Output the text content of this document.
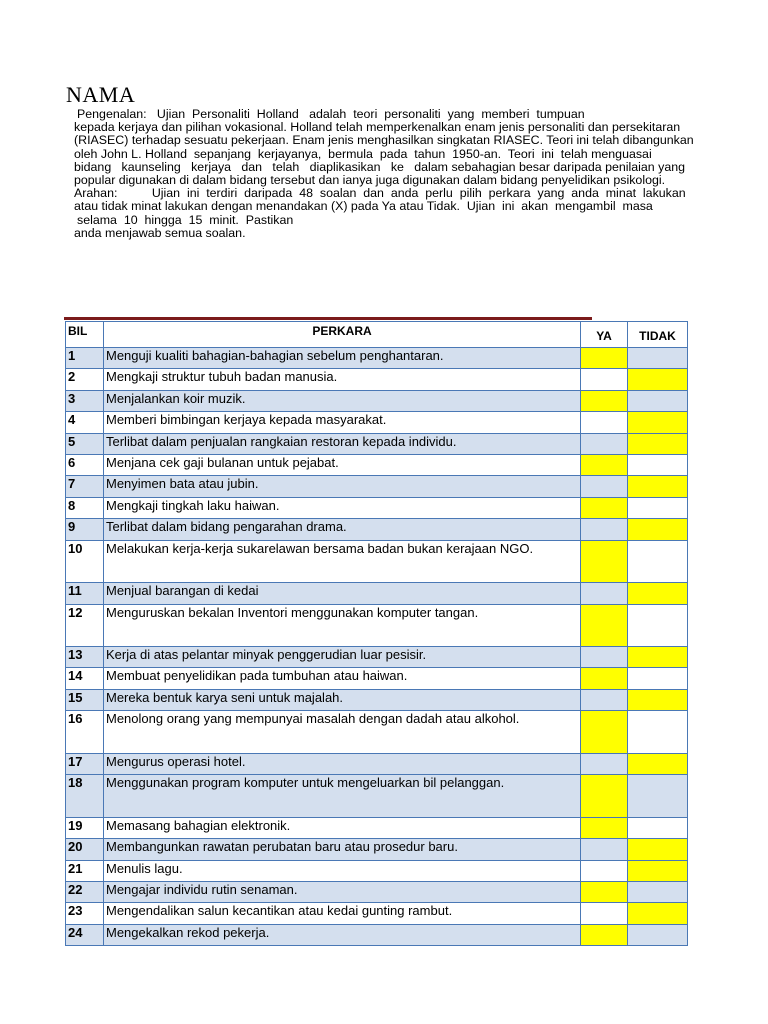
NAMA
Pengenalan:   Ujian  Personaliti  Holland   adalah  teori  personaliti  yang  memberi  tumpuan
kepada kerjaya dan pilihan vokasional. Holland telah memperkenalkan enam jenis personaliti dan persekitaran
(RIASEC) terhadap sesuatu pekerjaan. Enam jenis menghasilkan singkatan RIASEC. Teori ini telah dibangunkan
oleh John L. Holland  sepanjang  kerjayanya,  bermula  pada  tahun  1950-an.  Teori  ini  telah menguasai
bidang   kaunseling   kerjaya   dan   telah   diaplikasikan   ke   dalam sebahagian besar daripada penilaian yang
popular digunakan di dalam bidang tersebut dan ianya juga digunakan dalam bidang penyelidikan psikologi.
Arahan:          Ujian  ini  terdiri  daripada  48  soalan  dan  anda  perlu  pilih  perkara  yang  anda  minat  lakukan
atau tidak minat lakukan dengan menandakan (X) pada Ya atau Tidak.  Ujian  ini  akan  mengambil  masa
selama  10  hingga  15  minit.  Pastikan
anda menjawab semua soalan.
BIL	PERKARA	YA	TIDAK
1	Menguji kualiti bahagian-bahagian sebelum penghantaran.		
2	Mengkaji struktur tubuh badan manusia.		
3	Menjalankan koir muzik.		
4	Memberi bimbingan kerjaya kepada masyarakat.		
5	Terlibat dalam penjualan rangkaian restoran kepada individu.		
6	Menjana cek gaji bulanan untuk pejabat.		
7	Menyimen bata atau jubin.		
8	Mengkaji tingkah laku haiwan.		
9	Terlibat dalam bidang pengarahan drama.		
10	Melakukan kerja-kerja sukarelawan bersama badan bukan kerajaan NGO.		
11	Menjual barangan di kedai		
12	Menguruskan bekalan Inventori menggunakan komputer tangan.		
13	Kerja di atas pelantar minyak penggerudian luar pesisir.		
14	Membuat penyelidikan pada tumbuhan atau haiwan.		
15	Mereka bentuk karya seni untuk majalah.		
16	Menolong orang yang mempunyai masalah dengan dadah atau alkohol.		
17	Mengurus operasi hotel.		
18	Menggunakan program komputer untuk mengeluarkan bil pelanggan.		
19	Memasang bahagian elektronik.		
20	Membangunkan rawatan perubatan baru atau prosedur baru.		
21	Menulis lagu.		
22	Mengajar individu rutin senaman.		
23	Mengendalikan salun kecantikan atau kedai gunting rambut.		
24	Mengekalkan rekod pekerja.		
